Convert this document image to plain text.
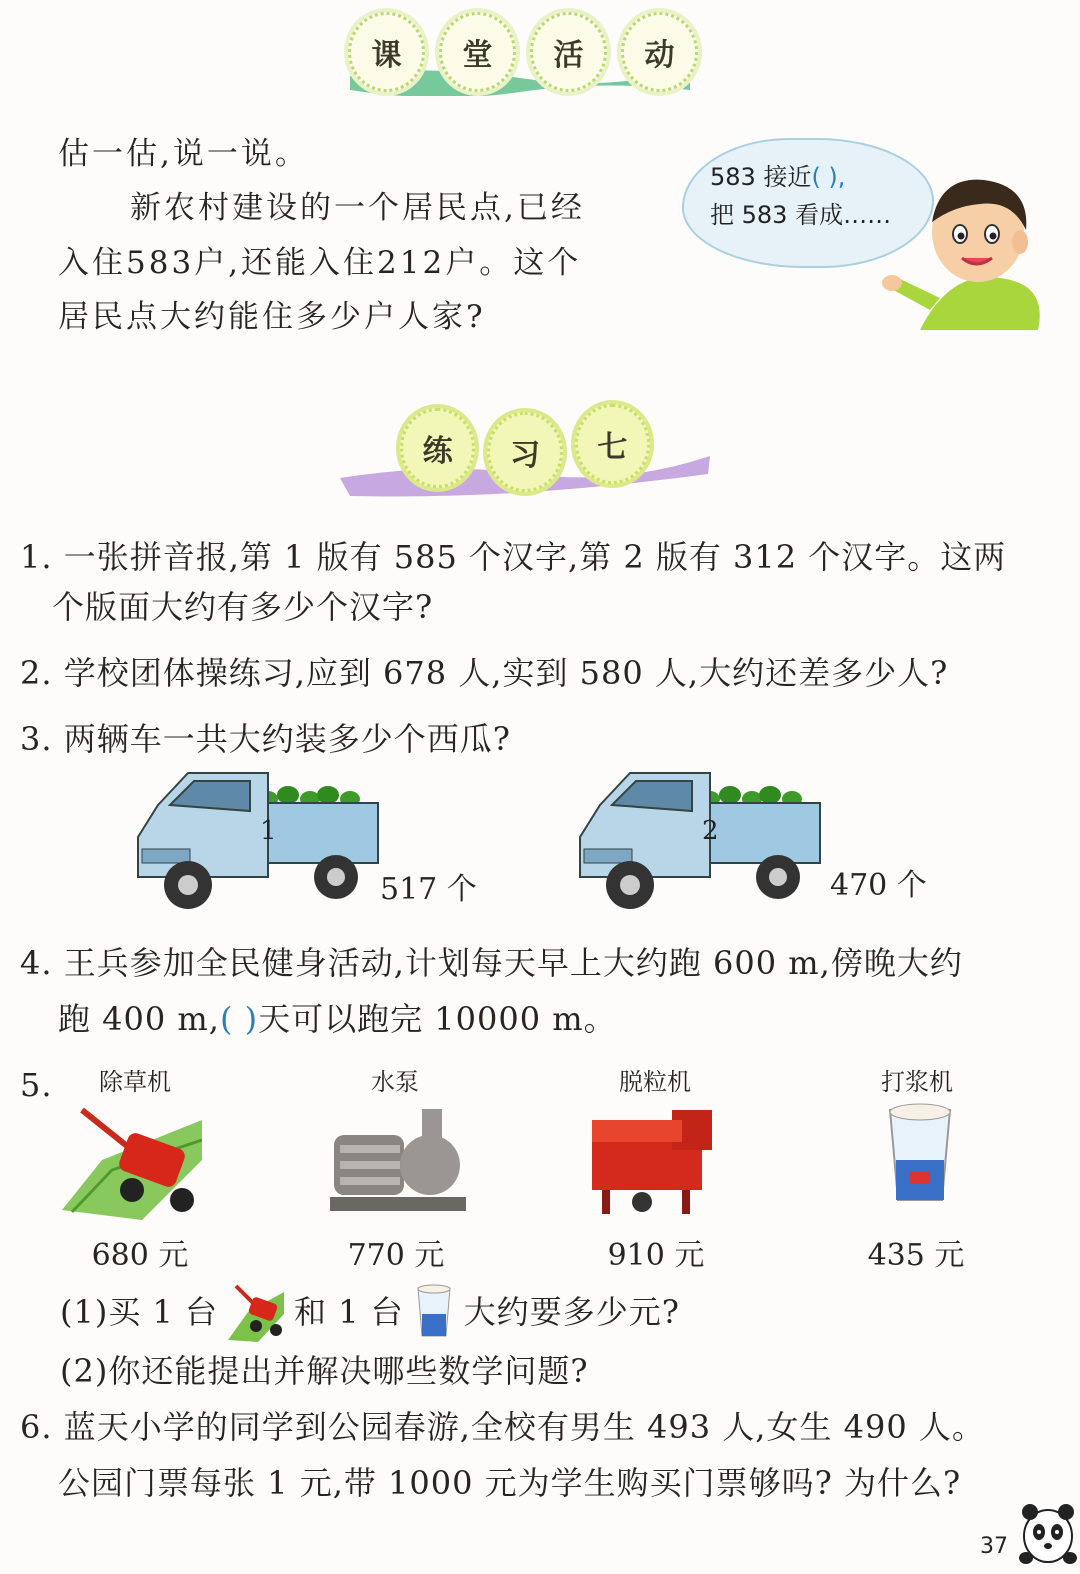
课	堂	活	动
估一估,说一说。
新农村建设的一个居民点,已经
入住583户,还能入住212户。这个
居民点大约能住多少户人家?
583 接近( ),
把 583 看成……
练	习	七
1. 一张拼音报,第 1 版有 585 个汉字,第 2 版有 312 个汉字。这两
个版面大约有多少个汉字?
2. 学校团体操练习,应到 678 人,实到 580 人,大约还差多少人?
3. 两辆车一共大约装多少个西瓜?
1
517 个
2
470 个
4. 王兵参加全民健身活动,计划每天早上大约跑 600 m,傍晚大约
跑 400 m,( )天可以跑完 10000 m。
5.	除草机	水泵	脱粒机	打浆机
680 元	770 元	910 元	435 元
(1)买 1 台 和 1 台 大约要多少元?
(2)你还能提出并解决哪些数学问题?
6. 蓝天小学的同学到公园春游,全校有男生 493 人,女生 490 人。
公园门票每张 1 元,带 1000 元为学生购买门票够吗? 为什么?
37
